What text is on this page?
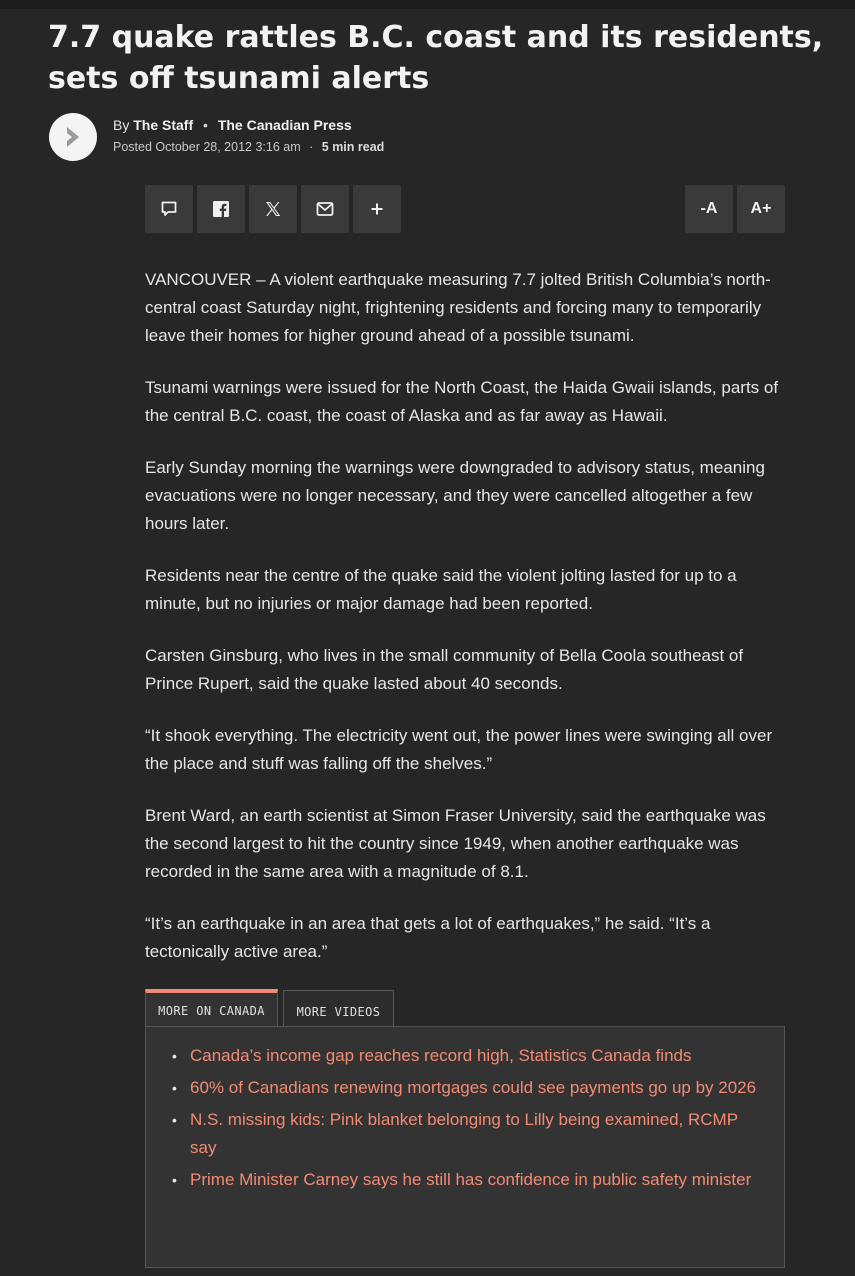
7.7 quake rattles B.C. coast and its residents, sets off tsunami alerts
By The Staff • The Canadian Press
Posted October 28, 2012 3:16 am · 5 min read
-A	A+

VANCOUVER – A violent earthquake measuring 7.7 jolted British Columbia’s north-central coast Saturday night, frightening residents and forcing many to temporarily leave their homes for higher ground ahead of a possible tsunami.

Tsunami warnings were issued for the North Coast, the Haida Gwaii islands, parts of the central B.C. coast, the coast of Alaska and as far away as Hawaii.

Early Sunday morning the warnings were downgraded to advisory status, meaning evacuations were no longer necessary, and they were cancelled altogether a few hours later.

Residents near the centre of the quake said the violent jolting lasted for up to a minute, but no injuries or major damage had been reported.

Carsten Ginsburg, who lives in the small community of Bella Coola southeast of Prince Rupert, said the quake lasted about 40 seconds.

“It shook everything. The electricity went out, the power lines were swinging all over the place and stuff was falling off the shelves.”

Brent Ward, an earth scientist at Simon Fraser University, said the earthquake was the second largest to hit the country since 1949, when another earthquake was recorded in the same area with a magnitude of 8.1.

“It’s an earthquake in an area that gets a lot of earthquakes,” he said. “It’s a tectonically active area.”

MORE ON CANADA	MORE VIDEOS
• Canada’s income gap reaches record high, Statistics Canada finds
• 60% of Canadians renewing mortgages could see payments go up by 2026
• N.S. missing kids: Pink blanket belonging to Lilly being examined, RCMP say
• Prime Minister Carney says he still has confidence in public safety minister
